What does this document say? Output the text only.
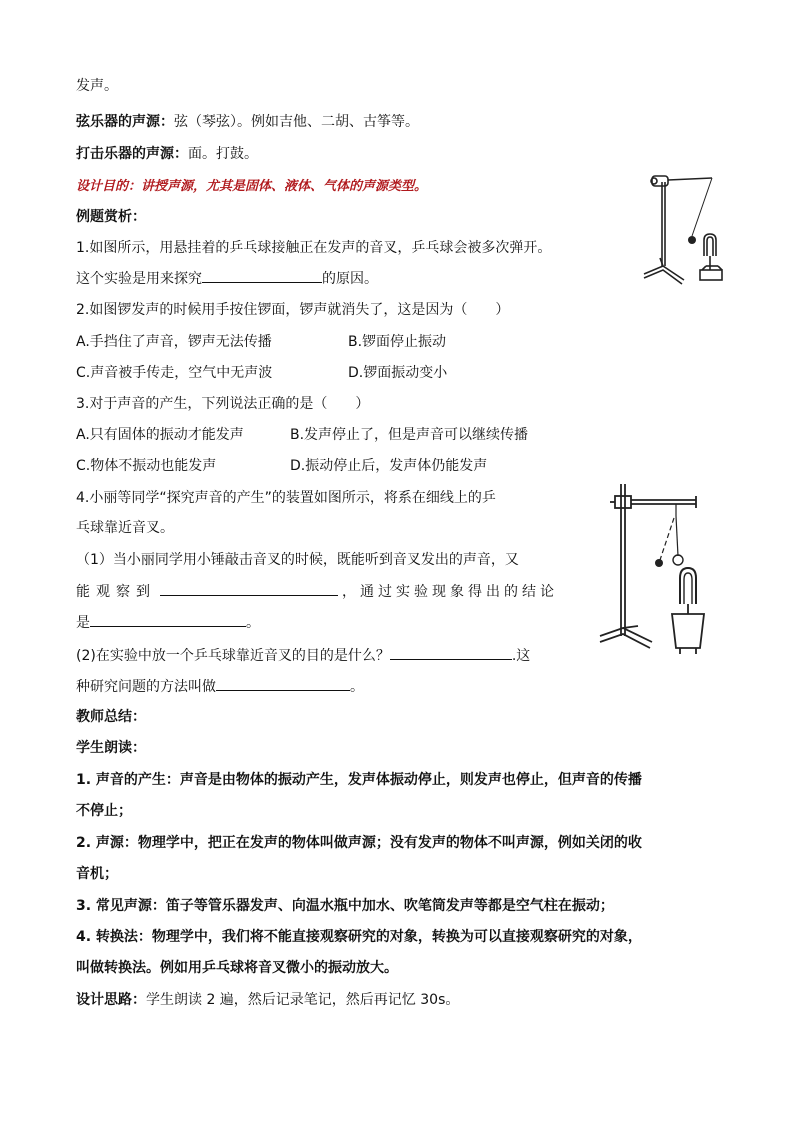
发声。
弦乐器的声源：弦（琴弦）。例如吉他、二胡、古筝等。
打击乐器的声源：面。打鼓。
设计目的：讲授声源，尤其是固体、液体、气体的声源类型。
例题赏析：
1.如图所示，用悬挂着的乒乓球接触正在发声的音叉，乒乓球会被多次弹开。
这个实验是用来探究	的原因。
2.如图锣发声的时候用手按住锣面，锣声就消失了，这是因为（　　）
A.手挡住了声音，锣声无法传播	B.锣面停止振动
C.声音被手传走，空气中无声波	D.锣面振动变小
3.对于声音的产生，下列说法正确的是（　　）
A.只有固体的振动才能发声	B.发声停止了，但是声音可以继续传播
C.物体不振动也能发声	D.振动停止后，发声体仍能发声
4.小丽等同学“探究声音的产生”的装置如图所示，将系在细线上的乒
乓球靠近音叉。
（1）当小丽同学用小锤敲击音叉的时候，既能听到音叉发出的声音，又
能观察到	，通过实验现象得出的结论
是	。
(2)在实验中放一个乒乓球靠近音叉的目的是什么？	.这
种研究问题的方法叫做	。
教师总结：
学生朗读：
1. 声音的产生：声音是由物体的振动产生，发声体振动停止，则发声也停止，但声音的传播
不停止；
2. 声源：物理学中，把正在发声的物体叫做声源；没有发声的物体不叫声源，例如关闭的收
音机；
3. 常见声源：笛子等管乐器发声、向温水瓶中加水、吹笔筒发声等都是空气柱在振动；
4. 转换法：物理学中，我们将不能直接观察研究的对象，转换为可以直接观察研究的对象，
叫做转换法。例如用乒乓球将音叉微小的振动放大。
设计思路：学生朗读 2 遍，然后记录笔记，然后再记忆 30s。
